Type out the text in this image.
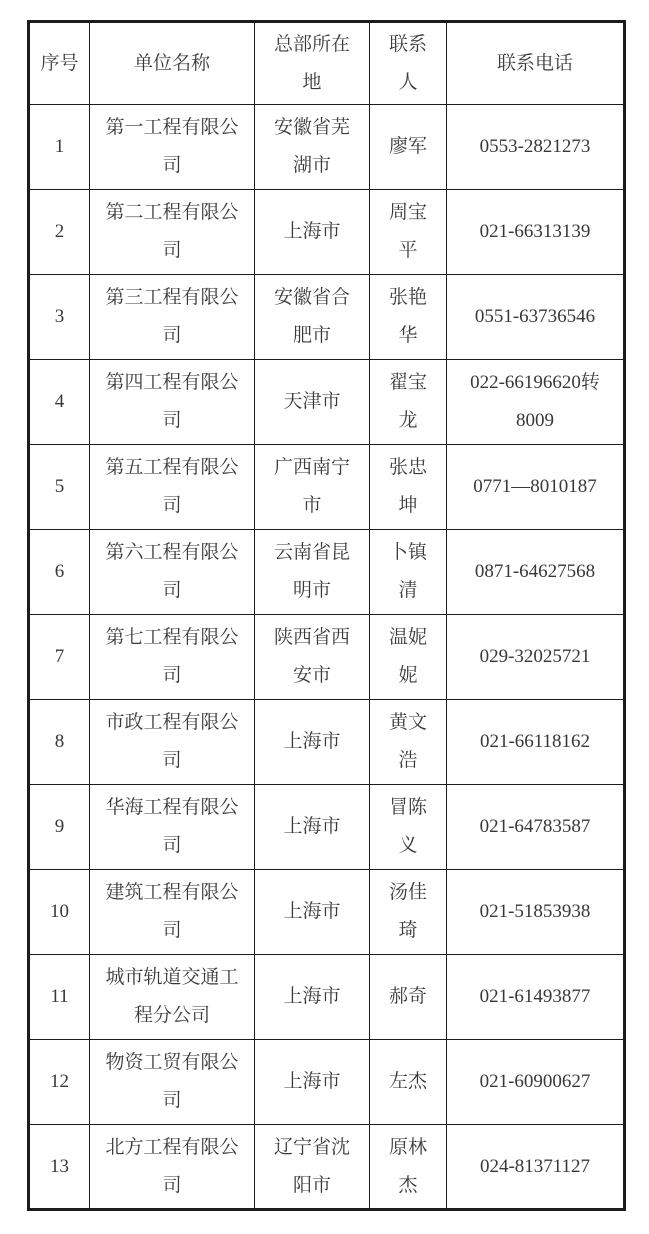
序号	单位名称	总部所在地	联系人	联系电话
1	第一工程有限公司	安徽省芜湖市	廖军	0553-2821273
2	第二工程有限公司	上海市	周宝平	021-66313139
3	第三工程有限公司	安徽省合肥市	张艳华	0551-63736546
4	第四工程有限公司	天津市	翟宝龙	022-66196620转8009
5	第五工程有限公司	广西南宁市	张忠坤	0771—8010187
6	第六工程有限公司	云南省昆明市	卜镇清	0871-64627568
7	第七工程有限公司	陕西省西安市	温妮妮	029-32025721
8	市政工程有限公司	上海市	黄文浩	021-66118162
9	华海工程有限公司	上海市	冒陈义	021-64783587
10	建筑工程有限公司	上海市	汤佳琦	021-51853938
11	城市轨道交通工程分公司	上海市	郝奇	021-61493877
12	物资工贸有限公司	上海市	左杰	021-60900627
13	北方工程有限公司	辽宁省沈阳市	原林杰	024-81371127
